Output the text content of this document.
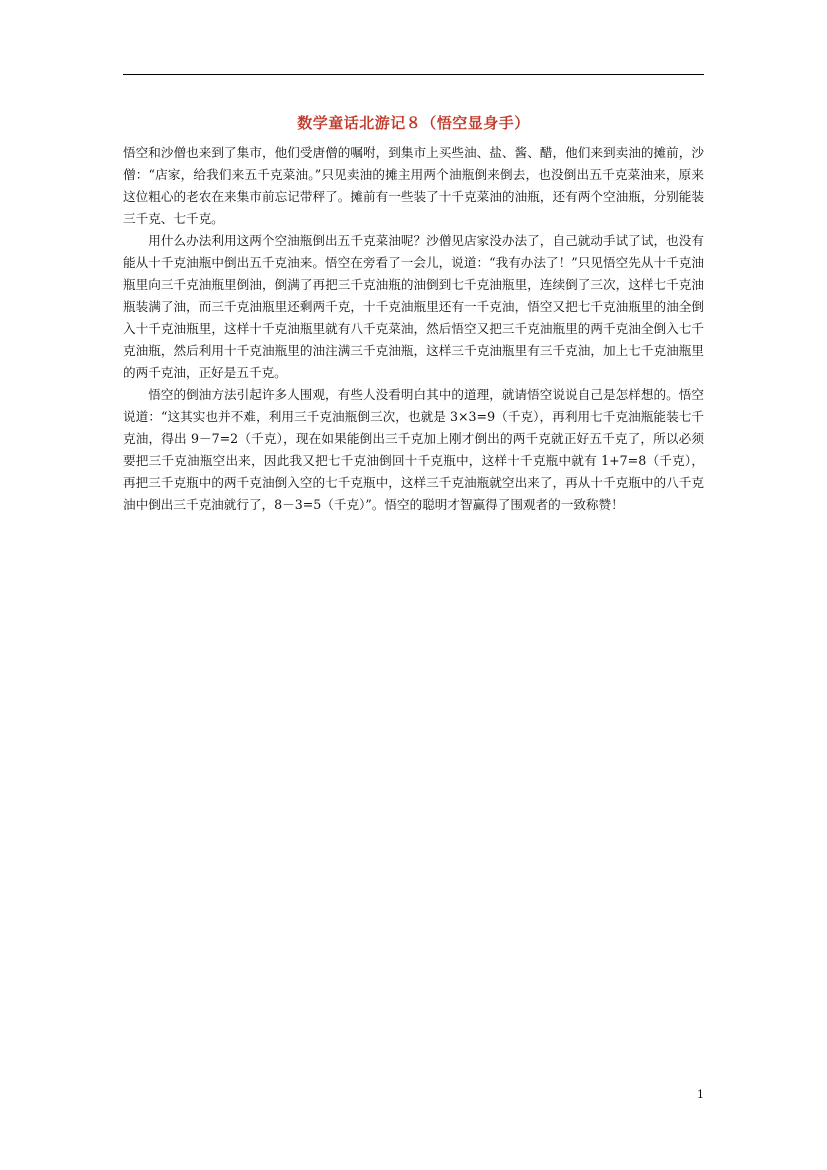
数学童话北游记８（悟空显身手）

悟空和沙僧也来到了集市，他们受唐僧的嘱咐，到集市上买些油、盐、酱、醋，他们来到卖油的摊前，沙僧：“店家，给我们来五千克菜油。”只见卖油的摊主用两个油瓶倒来倒去，也没倒出五千克菜油来，原来这位粗心的老农在来集市前忘记带秤了。摊前有一些装了十千克菜油的油瓶，还有两个空油瓶，分别能装三千克、七千克。

用什么办法利用这两个空油瓶倒出五千克菜油呢？沙僧见店家没办法了，自己就动手试了试，也没有能从十千克油瓶中倒出五千克油来。悟空在旁看了一会儿，说道：“我有办法了！”只见悟空先从十千克油瓶里向三千克油瓶里倒油，倒满了再把三千克油瓶的油倒到七千克油瓶里，连续倒了三次，这样七千克油瓶装满了油，而三千克油瓶里还剩两千克，十千克油瓶里还有一千克油，悟空又把七千克油瓶里的油全倒入十千克油瓶里，这样十千克油瓶里就有八千克菜油，然后悟空又把三千克油瓶里的两千克油全倒入七千克油瓶，然后利用十千克油瓶里的油注满三千克油瓶，这样三千克油瓶里有三千克油，加上七千克油瓶里的两千克油，正好是五千克。

悟空的倒油方法引起许多人围观，有些人没看明白其中的道理，就请悟空说说自己是怎样想的。悟空说道：“这其实也并不难，利用三千克油瓶倒三次，也就是 3×3=9（千克），再利用七千克油瓶能装七千克油，得出 9－7=2（千克），现在如果能倒出三千克加上刚才倒出的两千克就正好五千克了，所以必须要把三千克油瓶空出来，因此我又把七千克油倒回十千克瓶中，这样十千克瓶中就有 1+7=8（千克），再把三千克瓶中的两千克油倒入空的七千克瓶中，这样三千克油瓶就空出来了，再从十千克瓶中的八千克油中倒出三千克油就行了，8－3=5（千克）”。悟空的聪明才智赢得了围观者的一致称赞！

1
